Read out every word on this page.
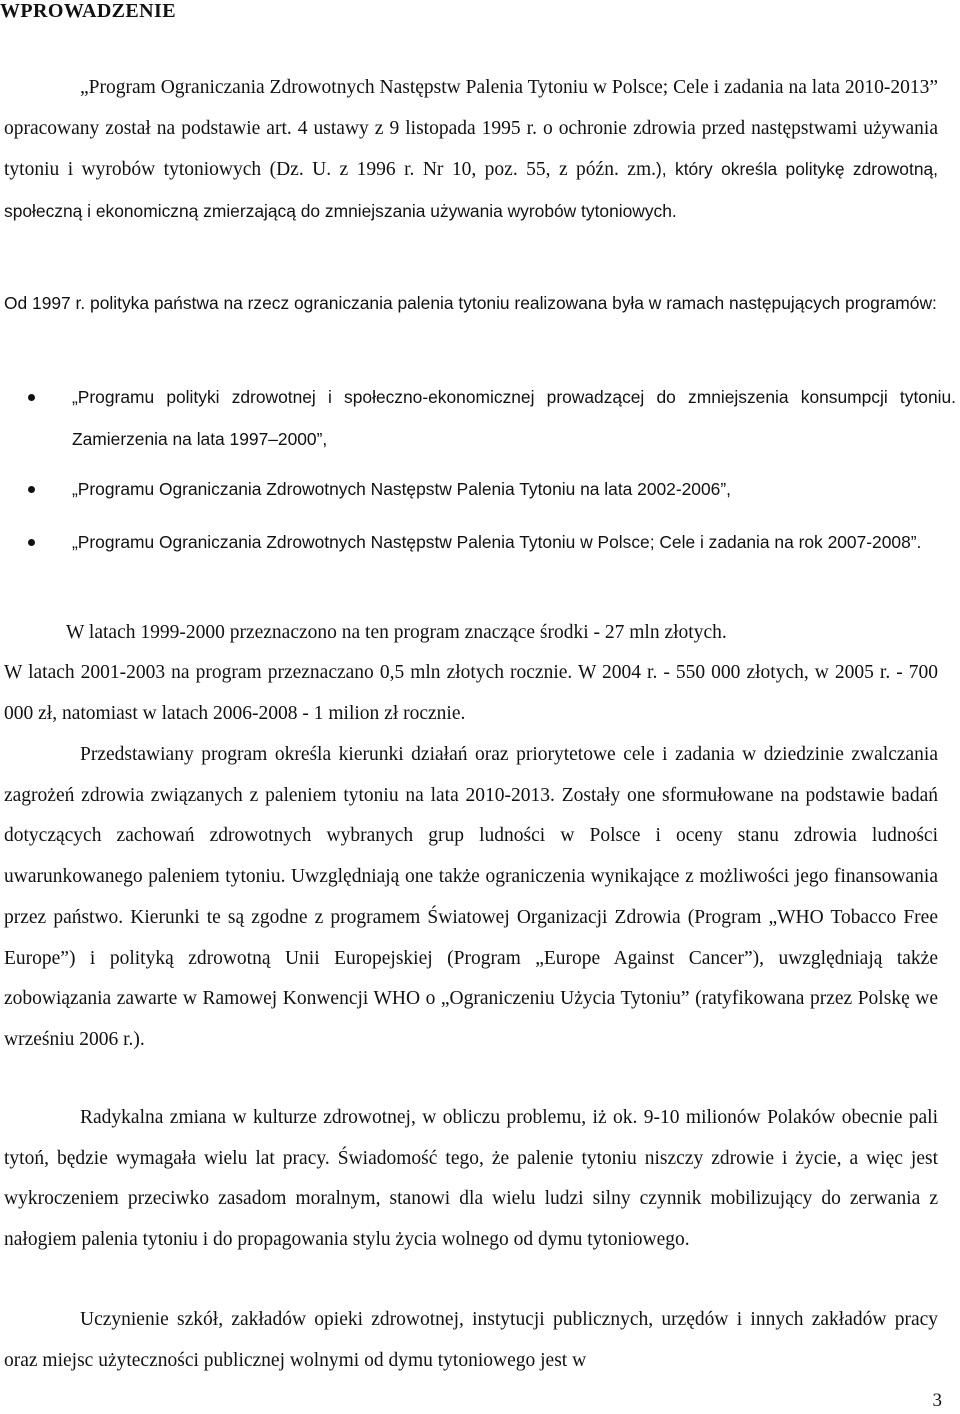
WPROWADZENIE

„Program Ograniczania Zdrowotnych Następstw Palenia Tytoniu w Polsce; Cele i zadania na lata 2010-2013” opracowany został na podstawie art. 4 ustawy z 9 listopada 1995 r. o ochronie zdrowia przed następstwami używania tytoniu i wyrobów tytoniowych (Dz. U. z 1996 r. Nr 10, poz. 55, z późn. zm.), który określa politykę zdrowotną, społeczną i ekonomiczną zmierzającą do zmniejszania używania wyrobów tytoniowych.

Od 1997 r. polityka państwa na rzecz ograniczania palenia tytoniu realizowana była w ramach następujących programów:

„Programu polityki zdrowotnej i społeczno-ekonomicznej prowadzącej do zmniejszenia konsumpcji tytoniu. Zamierzenia na lata 1997–2000”,
„Programu Ograniczania Zdrowotnych Następstw Palenia Tytoniu na lata 2002-2006”,
„Programu Ograniczania Zdrowotnych Następstw Palenia Tytoniu w Polsce; Cele i zadania na rok 2007-2008”.

W latach 1999-2000 przeznaczono na ten program znaczące środki - 27 mln złotych.

W latach 2001-2003 na program przeznaczano 0,5 mln złotych rocznie. W 2004 r. - 550 000 złotych, w 2005 r. - 700 000 zł, natomiast w latach 2006-2008 - 1 milion zł rocznie.

Przedstawiany program określa kierunki działań oraz priorytetowe cele i zadania w dziedzinie zwalczania zagrożeń zdrowia związanych z paleniem tytoniu na lata 2010-2013. Zostały one sformułowane na podstawie badań dotyczących zachowań zdrowotnych wybranych grup ludności w Polsce i oceny stanu zdrowia ludności uwarunkowanego paleniem tytoniu. Uwzględniają one także ograniczenia wynikające z możliwości jego finansowania przez państwo. Kierunki te są zgodne z programem Światowej Organizacji Zdrowia (Program „WHO Tobacco Free Europe”) i polityką zdrowotną Unii Europejskiej (Program „Europe Against Cancer”), uwzględniają także zobowiązania zawarte w Ramowej Konwencji WHO o „Ograniczeniu Użycia Tytoniu” (ratyfikowana przez Polskę we wrześniu 2006 r.).

Radykalna zmiana w kulturze zdrowotnej, w obliczu problemu, iż ok. 9-10 milionów Polaków obecnie pali tytoń, będzie wymagała wielu lat pracy. Świadomość tego, że palenie tytoniu niszczy zdrowie i życie, a więc jest wykroczeniem przeciwko zasadom moralnym, stanowi dla wielu ludzi silny czynnik mobilizujący do zerwania z nałogiem palenia tytoniu i do propagowania stylu życia wolnego od dymu tytoniowego.

Uczynienie szkół, zakładów opieki zdrowotnej, instytucji publicznych, urzędów i innych zakładów pracy oraz miejsc użyteczności publicznej wolnymi od dymu tytoniowego jest w

3
